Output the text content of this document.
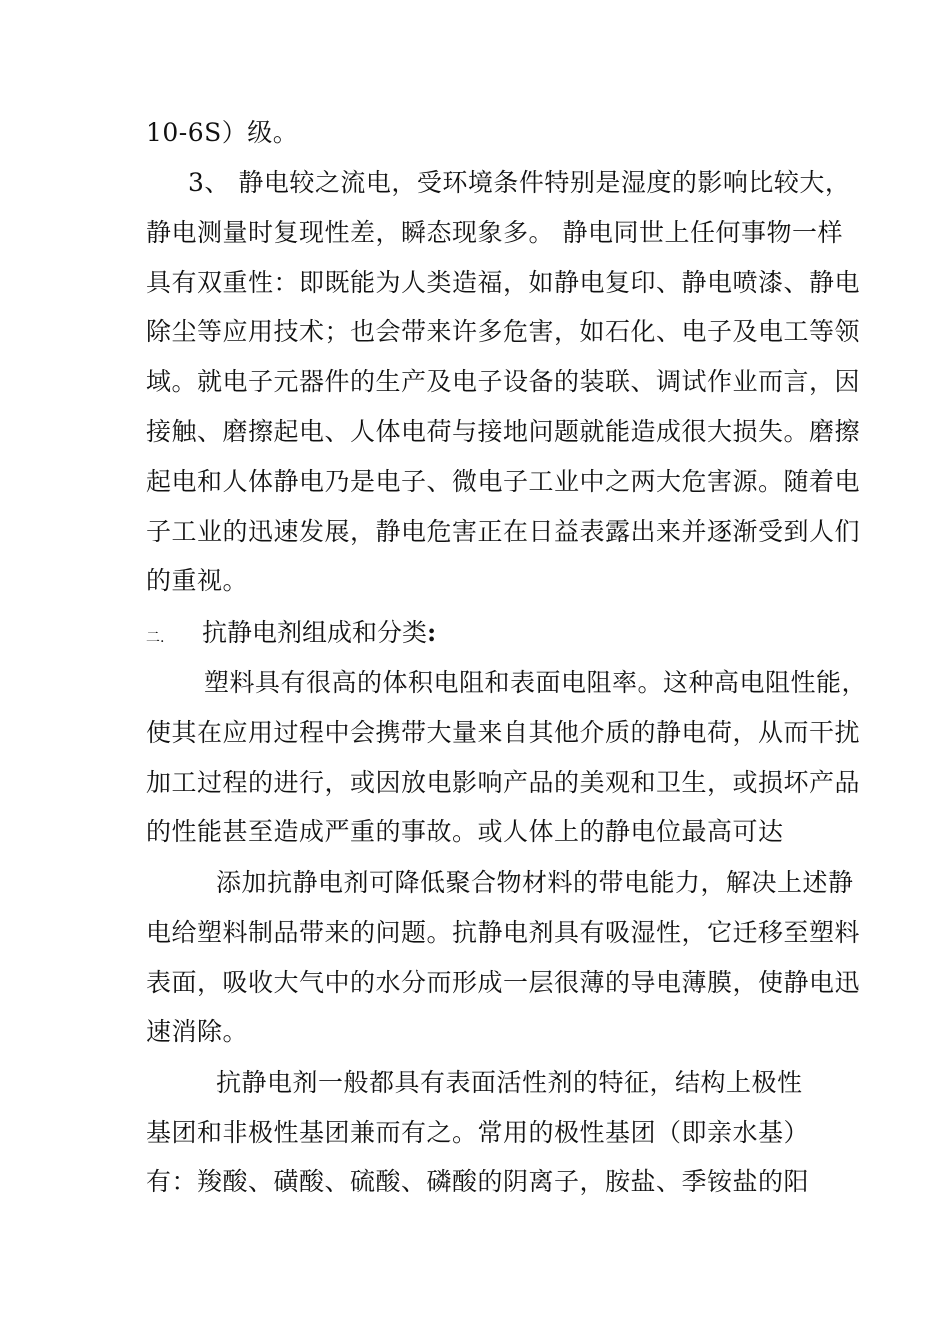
10-6S）级。
3、 静电较之流电，受环境条件特别是湿度的影响比较大，
静电测量时复现性差，瞬态现象多。 静电同世上任何事物一样
具有双重性：即既能为人类造福，如静电复印、静电喷漆、静电
除尘等应用技术；也会带来许多危害，如石化、电子及电工等领
域。就电子元器件的生产及电子设备的装联、调试作业而言，因
接触、磨擦起电、人体电荷与接地问题就能造成很大损失。磨擦
起电和人体静电乃是电子、微电子工业中之两大危害源。随着电
子工业的迅速发展，静电危害正在日益表露出来并逐渐受到人们
的重视。
二. 抗静电剂组成和分类:
塑料具有很高的体积电阻和表面电阻率。这种高电阻性能，
使其在应用过程中会携带大量来自其他介质的静电荷，从而干扰
加工过程的进行，或因放电影响产品的美观和卫生，或损坏产品
的性能甚至造成严重的事故。或人体上的静电位最高可达
添加抗静电剂可降低聚合物材料的带电能力，解决上述静
电给塑料制品带来的问题。抗静电剂具有吸湿性，它迁移至塑料
表面，吸收大气中的水分而形成一层很薄的导电薄膜，使静电迅
速消除。
抗静电剂一般都具有表面活性剂的特征，结构上极性
基团和非极性基团兼而有之。常用的极性基团（即亲水基）
有：羧酸、磺酸、硫酸、磷酸的阴离子，胺盐、季铵盐的阳
